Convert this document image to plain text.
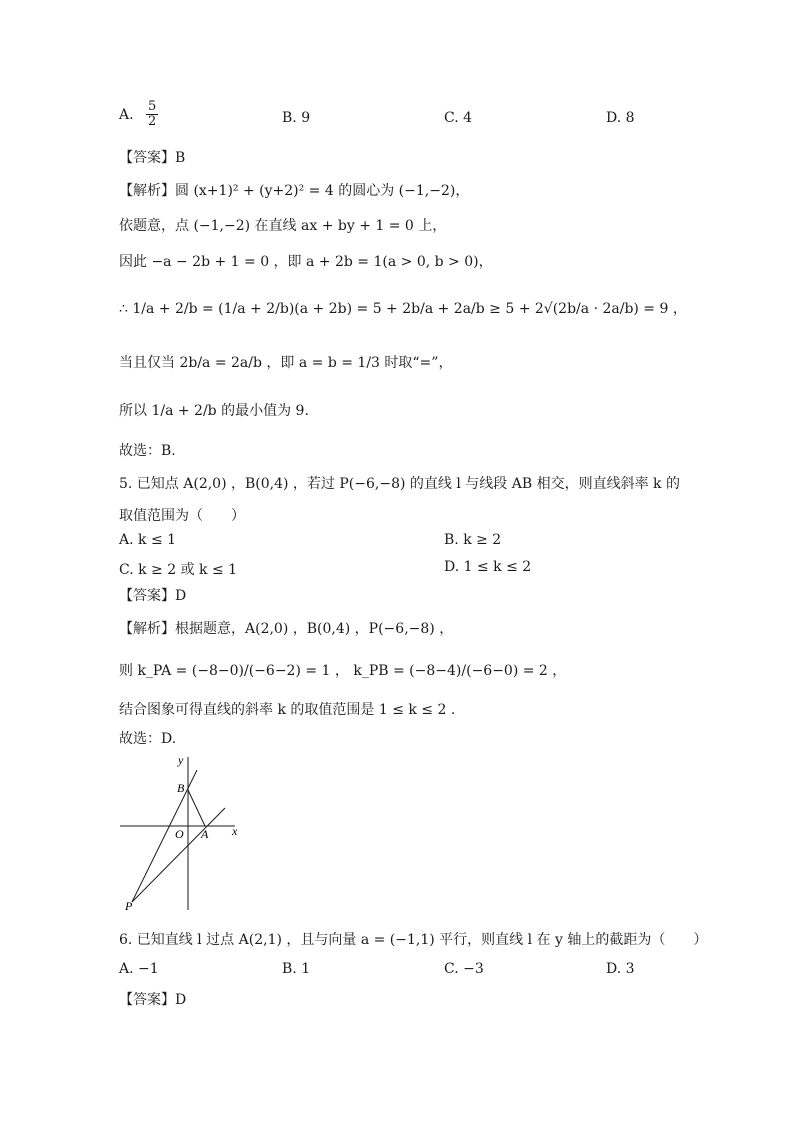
A. $\frac{5}{2}$	B. 9	C. 4	D. 8
【答案】B
【解析】圆 (x+1)² + (y+2)² = 4 的圆心为 (−1,−2)，
依题意，点 (−1,−2) 在直线 ax + by + 1 = 0 上，
因此 −a − 2b + 1 = 0 ，即 a + 2b = 1(a > 0, b > 0)，
∴ 1/a + 2/b = (1/a + 2/b)(a + 2b) = 5 + 2b/a + 2a/b ≥ 5 + 2√(2b/a · 2a/b) = 9 ，
当且仅当 2b/a = 2a/b ，即 a = b = 1/3 时取“=”，
所以 1/a + 2/b 的最小值为 9.
故选：B.
5. 已知点 A(2,0) ，B(0,4) ，若过 P(−6,−8) 的直线 l 与线段 AB 相交，则直线斜率 k 的
取值范围为（　　）
A. k ≤ 1	B. k ≥ 2
C. k ≥ 2 或 k ≤ 1	D. 1 ≤ k ≤ 2
【答案】D
【解析】根据题意，A(2,0) ，B(0,4) ，P(−6,−8) ，
则 k_PA = (−8−0)/(−6−2) = 1 ， k_PB = (−8−4)/(−6−0) = 2 ，
结合图象可得直线的斜率 k 的取值范围是 1 ≤ k ≤ 2 .
故选：D.
y
x
B
O A
P
6. 已知直线 l 过点 A(2,1) ，且与向量 a = (−1,1) 平行，则直线 l 在 y 轴上的截距为（　　）
A. −1	B. 1	C. −3	D. 3
【答案】D
